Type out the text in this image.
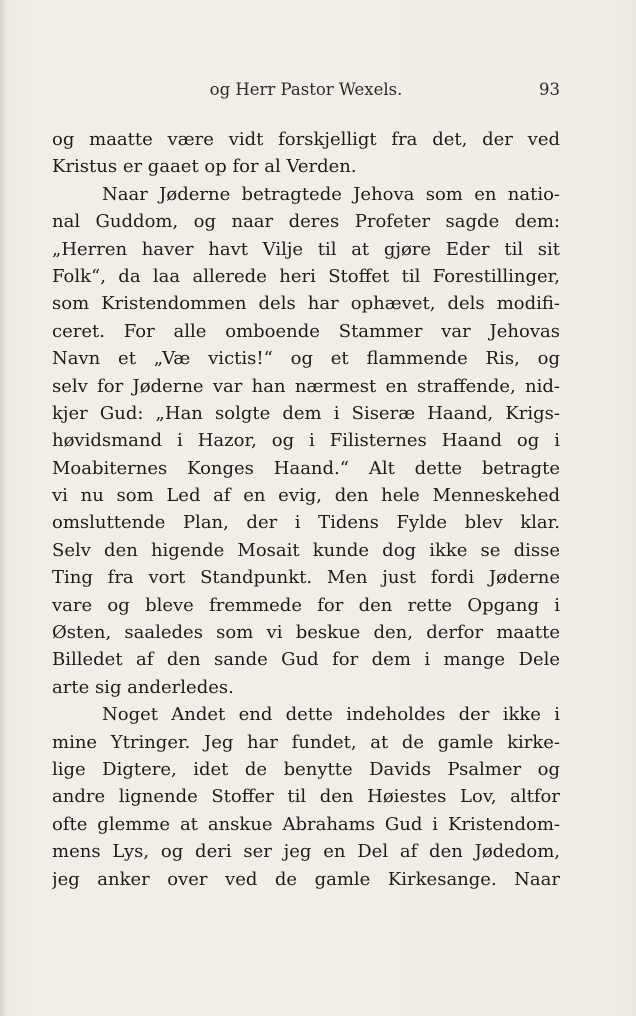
og Herr Pastor Wexels.	93
og maatte være vidt forskjelligt fra det, der ved
Kristus er gaaet op for al Verden.
Naar Jøderne betragtede Jehova som en natio-
nal Guddom, og naar deres Profeter sagde dem:
„Herren haver havt Vilje til at gjøre Eder til sit
Folk“, da laa allerede heri Stoffet til Forestillinger,
som Kristendommen dels har ophævet, dels modifi-
ceret. For alle omboende Stammer var Jehovas
Navn et „Væ victis!“ og et flammende Ris, og
selv for Jøderne var han nærmest en straffende, nid-
kjer Gud: „Han solgte dem i Siseræ Haand, Krigs-
høvidsmand i Hazor, og i Filisternes Haand og i
Moabiternes Konges Haand.“ Alt dette betragte
vi nu som Led af en evig, den hele Menneskehed
omsluttende Plan, der i Tidens Fylde blev klar.
Selv den higende Mosait kunde dog ikke se disse
Ting fra vort Standpunkt. Men just fordi Jøderne
vare og bleve fremmede for den rette Opgang i
Østen, saaledes som vi beskue den, derfor maatte
Billedet af den sande Gud for dem i mange Dele
arte sig anderledes.
Noget Andet end dette indeholdes der ikke i
mine Ytringer. Jeg har fundet, at de gamle kirke-
lige Digtere, idet de benytte Davids Psalmer og
andre lignende Stoffer til den Høiestes Lov, altfor
ofte glemme at anskue Abrahams Gud i Kristendom-
mens Lys, og deri ser jeg en Del af den Jødedom,
jeg anker over ved de gamle Kirkesange. Naar
